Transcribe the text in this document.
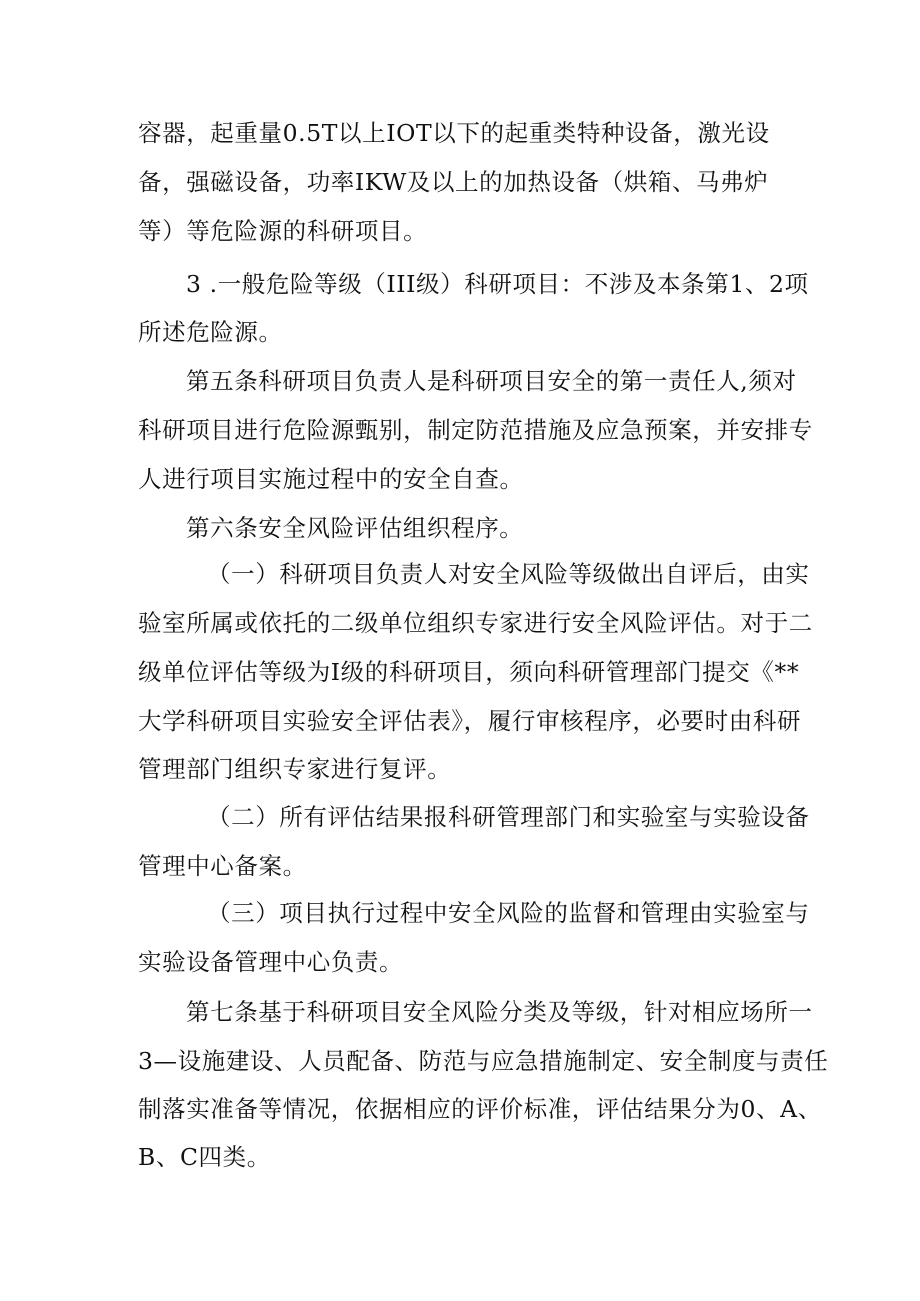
容器，起重量0.5T以上IOT以下的起重类特种设备，激光设
备，强磁设备，功率IKW及以上的加热设备（烘箱、马弗炉
等）等危险源的科研项目。
3 .一般危险等级（III级）科研项目：不涉及本条第1、2项
所述危险源。
第五条科研项目负责人是科研项目安全的第一责任人,须对
科研项目进行危险源甄别，制定防范措施及应急预案，并安排专
人进行项目实施过程中的安全自查。
第六条安全风险评估组织程序。
（一）科研项目负责人对安全风险等级做出自评后，由实
验室所属或依托的二级单位组织专家进行安全风险评估。对于二
级单位评估等级为I级的科研项目，须向科研管理部门提交《**
大学科研项目实验安全评估表》，履行审核程序，必要时由科研
管理部门组织专家进行复评。
（二）所有评估结果报科研管理部门和实验室与实验设备
管理中心备案。
（三）项目执行过程中安全风险的监督和管理由实验室与
实验设备管理中心负责。
第七条基于科研项目安全风险分类及等级，针对相应场所一
3—设施建设、人员配备、防范与应急措施制定、安全制度与责任
制落实准备等情况，依据相应的评价标准，评估结果分为0、A、
B、C四类。
